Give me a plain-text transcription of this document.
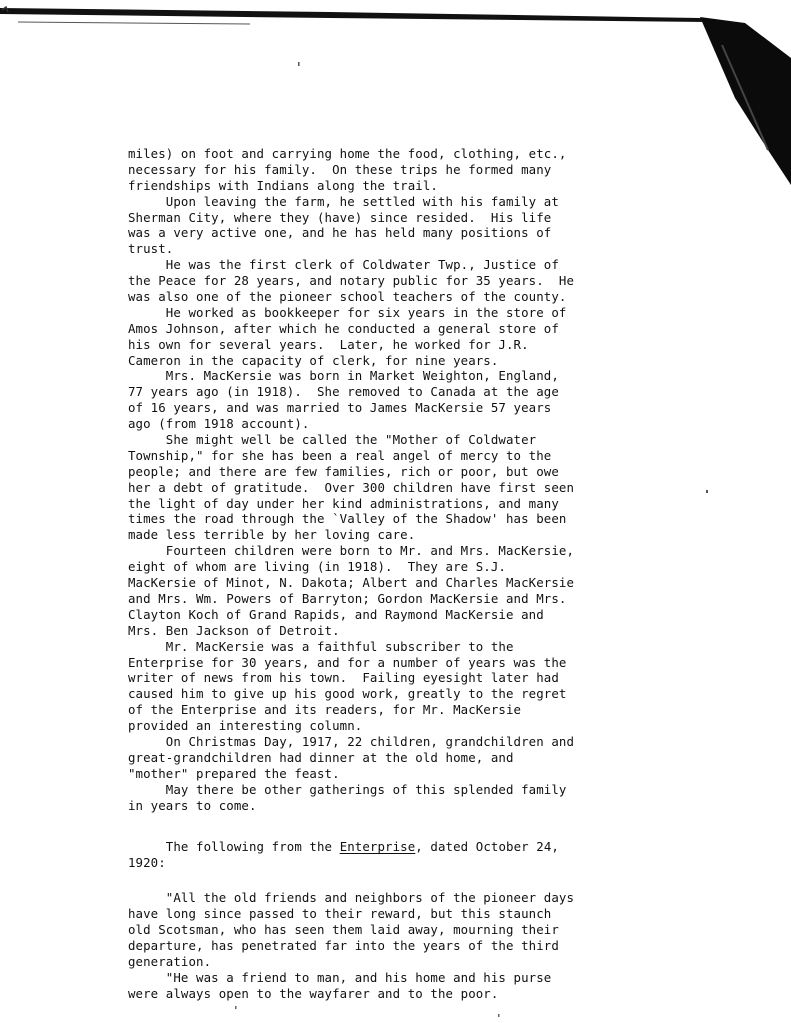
miles) on foot and carrying home the food, clothing, etc.,
necessary for his family.  On these trips he formed many
friendships with Indians along the trail.
Upon leaving the farm, he settled with his family at
Sherman City, where they (have) since resided.  His life
was a very active one, and he has held many positions of
trust.
He was the first clerk of Coldwater Twp., Justice of
the Peace for 28 years, and notary public for 35 years.  He
was also one of the pioneer school teachers of the county.
He worked as bookkeeper for six years in the store of
Amos Johnson, after which he conducted a general store of
his own for several years.  Later, he worked for J.R.
Cameron in the capacity of clerk, for nine years.
Mrs. MacKersie was born in Market Weighton, England,
77 years ago (in 1918).  She removed to Canada at the age
of 16 years, and was married to James MacKersie 57 years
ago (from 1918 account).
She might well be called the "Mother of Coldwater
Township," for she has been a real angel of mercy to the
people; and there are few families, rich or poor, but owe
her a debt of gratitude.  Over 300 children have first seen
the light of day under her kind administrations, and many
times the road through the `Valley of the Shadow' has been
made less terrible by her loving care.
Fourteen children were born to Mr. and Mrs. MacKersie,
eight of whom are living (in 1918).  They are S.J.
MacKersie of Minot, N. Dakota; Albert and Charles MacKersie
and Mrs. Wm. Powers of Barryton; Gordon MacKersie and Mrs.
Clayton Koch of Grand Rapids, and Raymond MacKersie and
Mrs. Ben Jackson of Detroit.
Mr. MacKersie was a faithful subscriber to the
Enterprise for 30 years, and for a number of years was the
writer of news from his town.  Failing eyesight later had
caused him to give up his good work, greatly to the regret
of the Enterprise and its readers, for Mr. MacKersie
provided an interesting column.
On Christmas Day, 1917, 22 children, grandchildren and
great-grandchildren had dinner at the old home, and
"mother" prepared the feast.
May there be other gatherings of this splended family
in years to come.
The following from the Enterprise, dated October 24,
1920:
"All the old friends and neighbors of the pioneer days
have long since passed to their reward, but this staunch
old Scotsman, who has seen them laid away, mourning their
departure, has penetrated far into the years of the third
generation.
"He was a friend to man, and his home and his purse
were always open to the wayfarer and to the poor.
